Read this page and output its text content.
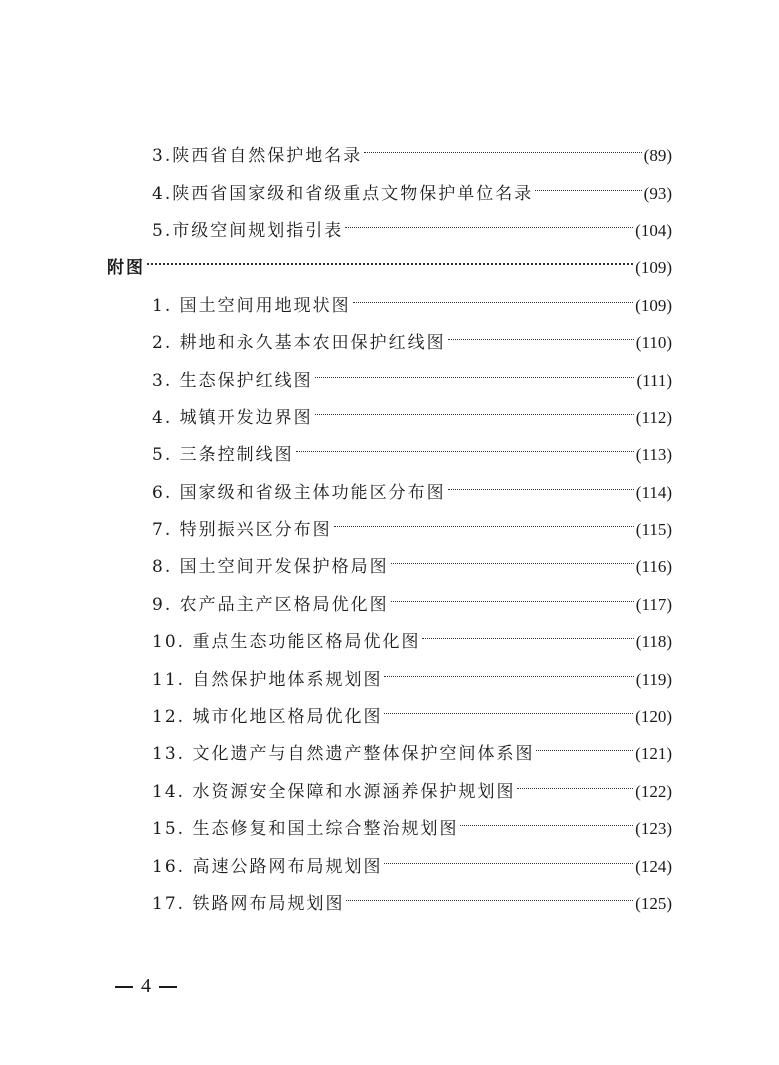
3.陕西省自然保护地名录	(89)
4.陕西省国家级和省级重点文物保护单位名录	(93)
5.市级空间规划指引表	(104)
附图	(109)
1. 国土空间用地现状图	(109)
2. 耕地和永久基本农田保护红线图	(110)
3. 生态保护红线图	(111)
4. 城镇开发边界图	(112)
5. 三条控制线图	(113)
6. 国家级和省级主体功能区分布图	(114)
7. 特别振兴区分布图	(115)
8. 国土空间开发保护格局图	(116)
9. 农产品主产区格局优化图	(117)
10. 重点生态功能区格局优化图	(118)
11. 自然保护地体系规划图	(119)
12. 城市化地区格局优化图	(120)
13. 文化遗产与自然遗产整体保护空间体系图	(121)
14. 水资源安全保障和水源涵养保护规划图	(122)
15. 生态修复和国土综合整治规划图	(123)
16. 高速公路网布局规划图	(124)
17. 铁路网布局规划图	(125)
4
